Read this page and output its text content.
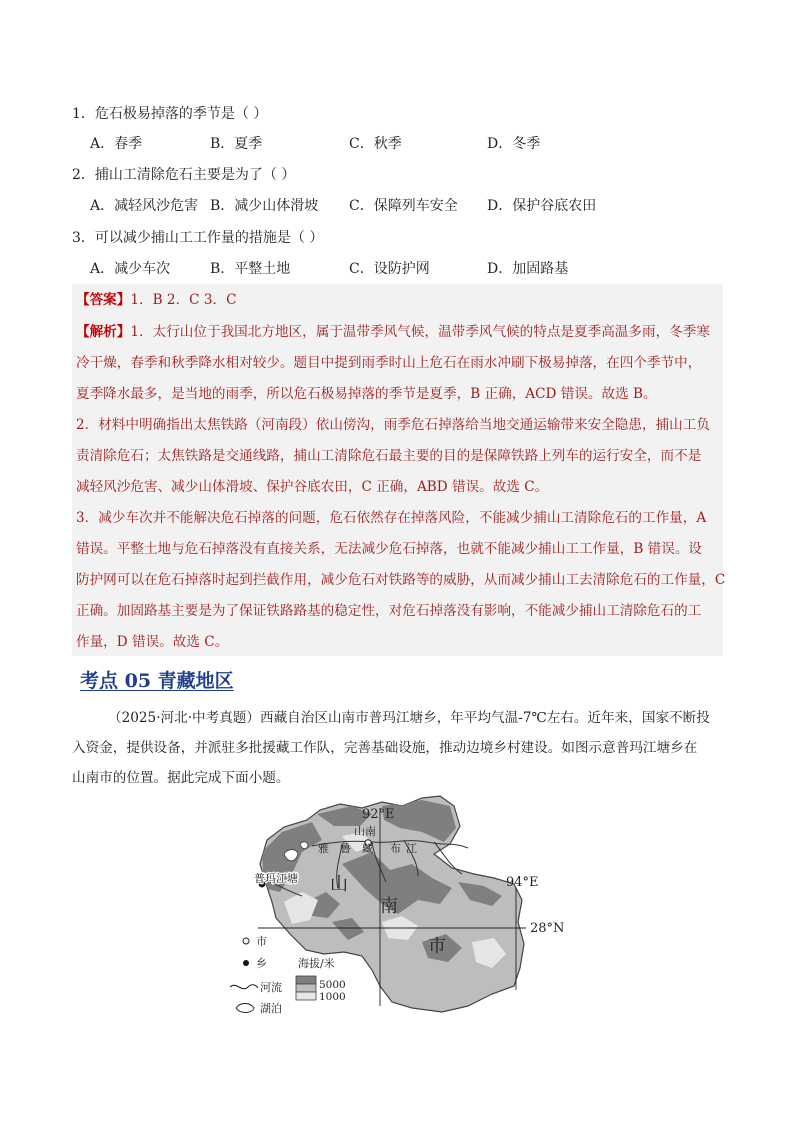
1．危石极易掉落的季节是（ ）
A．春季	B．夏季	C．秋季	D．冬季
2．捕山工清除危石主要是为了（ ）
A．减轻风沙危害 B．减少山体滑坡 C．保障列车安全 D．保护谷底农田
3．可以减少捕山工工作量的措施是（ ）
A．减少车次	B．平整土地	C．设防护网	D．加固路基
【答案】1．B 2．C 3．C
【解析】1．太行山位于我国北方地区，属于温带季风气候，温带季风气候的特点是夏季高温多雨，冬季寒
冷干燥，春季和秋季降水相对较少。题目中提到雨季时山上危石在雨水冲刷下极易掉落，在四个季节中，
夏季降水最多，是当地的雨季，所以危石极易掉落的季节是夏季，B 正确，ACD 错误。故选 B。
2．材料中明确指出太焦铁路（河南段）依山傍沟，雨季危石掉落给当地交通运输带来安全隐患，捕山工负
责清除危石；太焦铁路是交通线路，捕山工清除危石最主要的目的是保障铁路上列车的运行安全，而不是
减轻风沙危害、减少山体滑坡、保护谷底农田，C 正确，ABD 错误。故选 C。
3．减少车次并不能解决危石掉落的问题，危石依然存在掉落风险，不能减少捕山工清除危石的工作量，A
错误。平整土地与危石掉落没有直接关系，无法减少危石掉落，也就不能减少捕山工工作量，B 错误。设
防护网可以在危石掉落时起到拦截作用，减少危石对铁路等的威胁，从而减少捕山工去清除危石的工作量，C
正确。加固路基主要是为了保证铁路路基的稳定性，对危石掉落没有影响，不能减少捕山工清除危石的工
作量，D 错误。故选 C。
考点 05 青藏地区
（2025·河北·中考真题）西藏自治区山南市普玛江塘乡，年平均气温-7℃左右。近年来，国家不断投
入资金，提供设备，并派驻多批援藏工作队，完善基础设施，推动边境乡村建设。如图示意普玛江塘乡在
山南市的位置。据此完成下面小题。
92°E
94°E
28°N
山南
雅 鲁 藏 布 江
普玛江塘 山
南
市
市
乡	海拔/米
5000
1000
河流
湖泊
